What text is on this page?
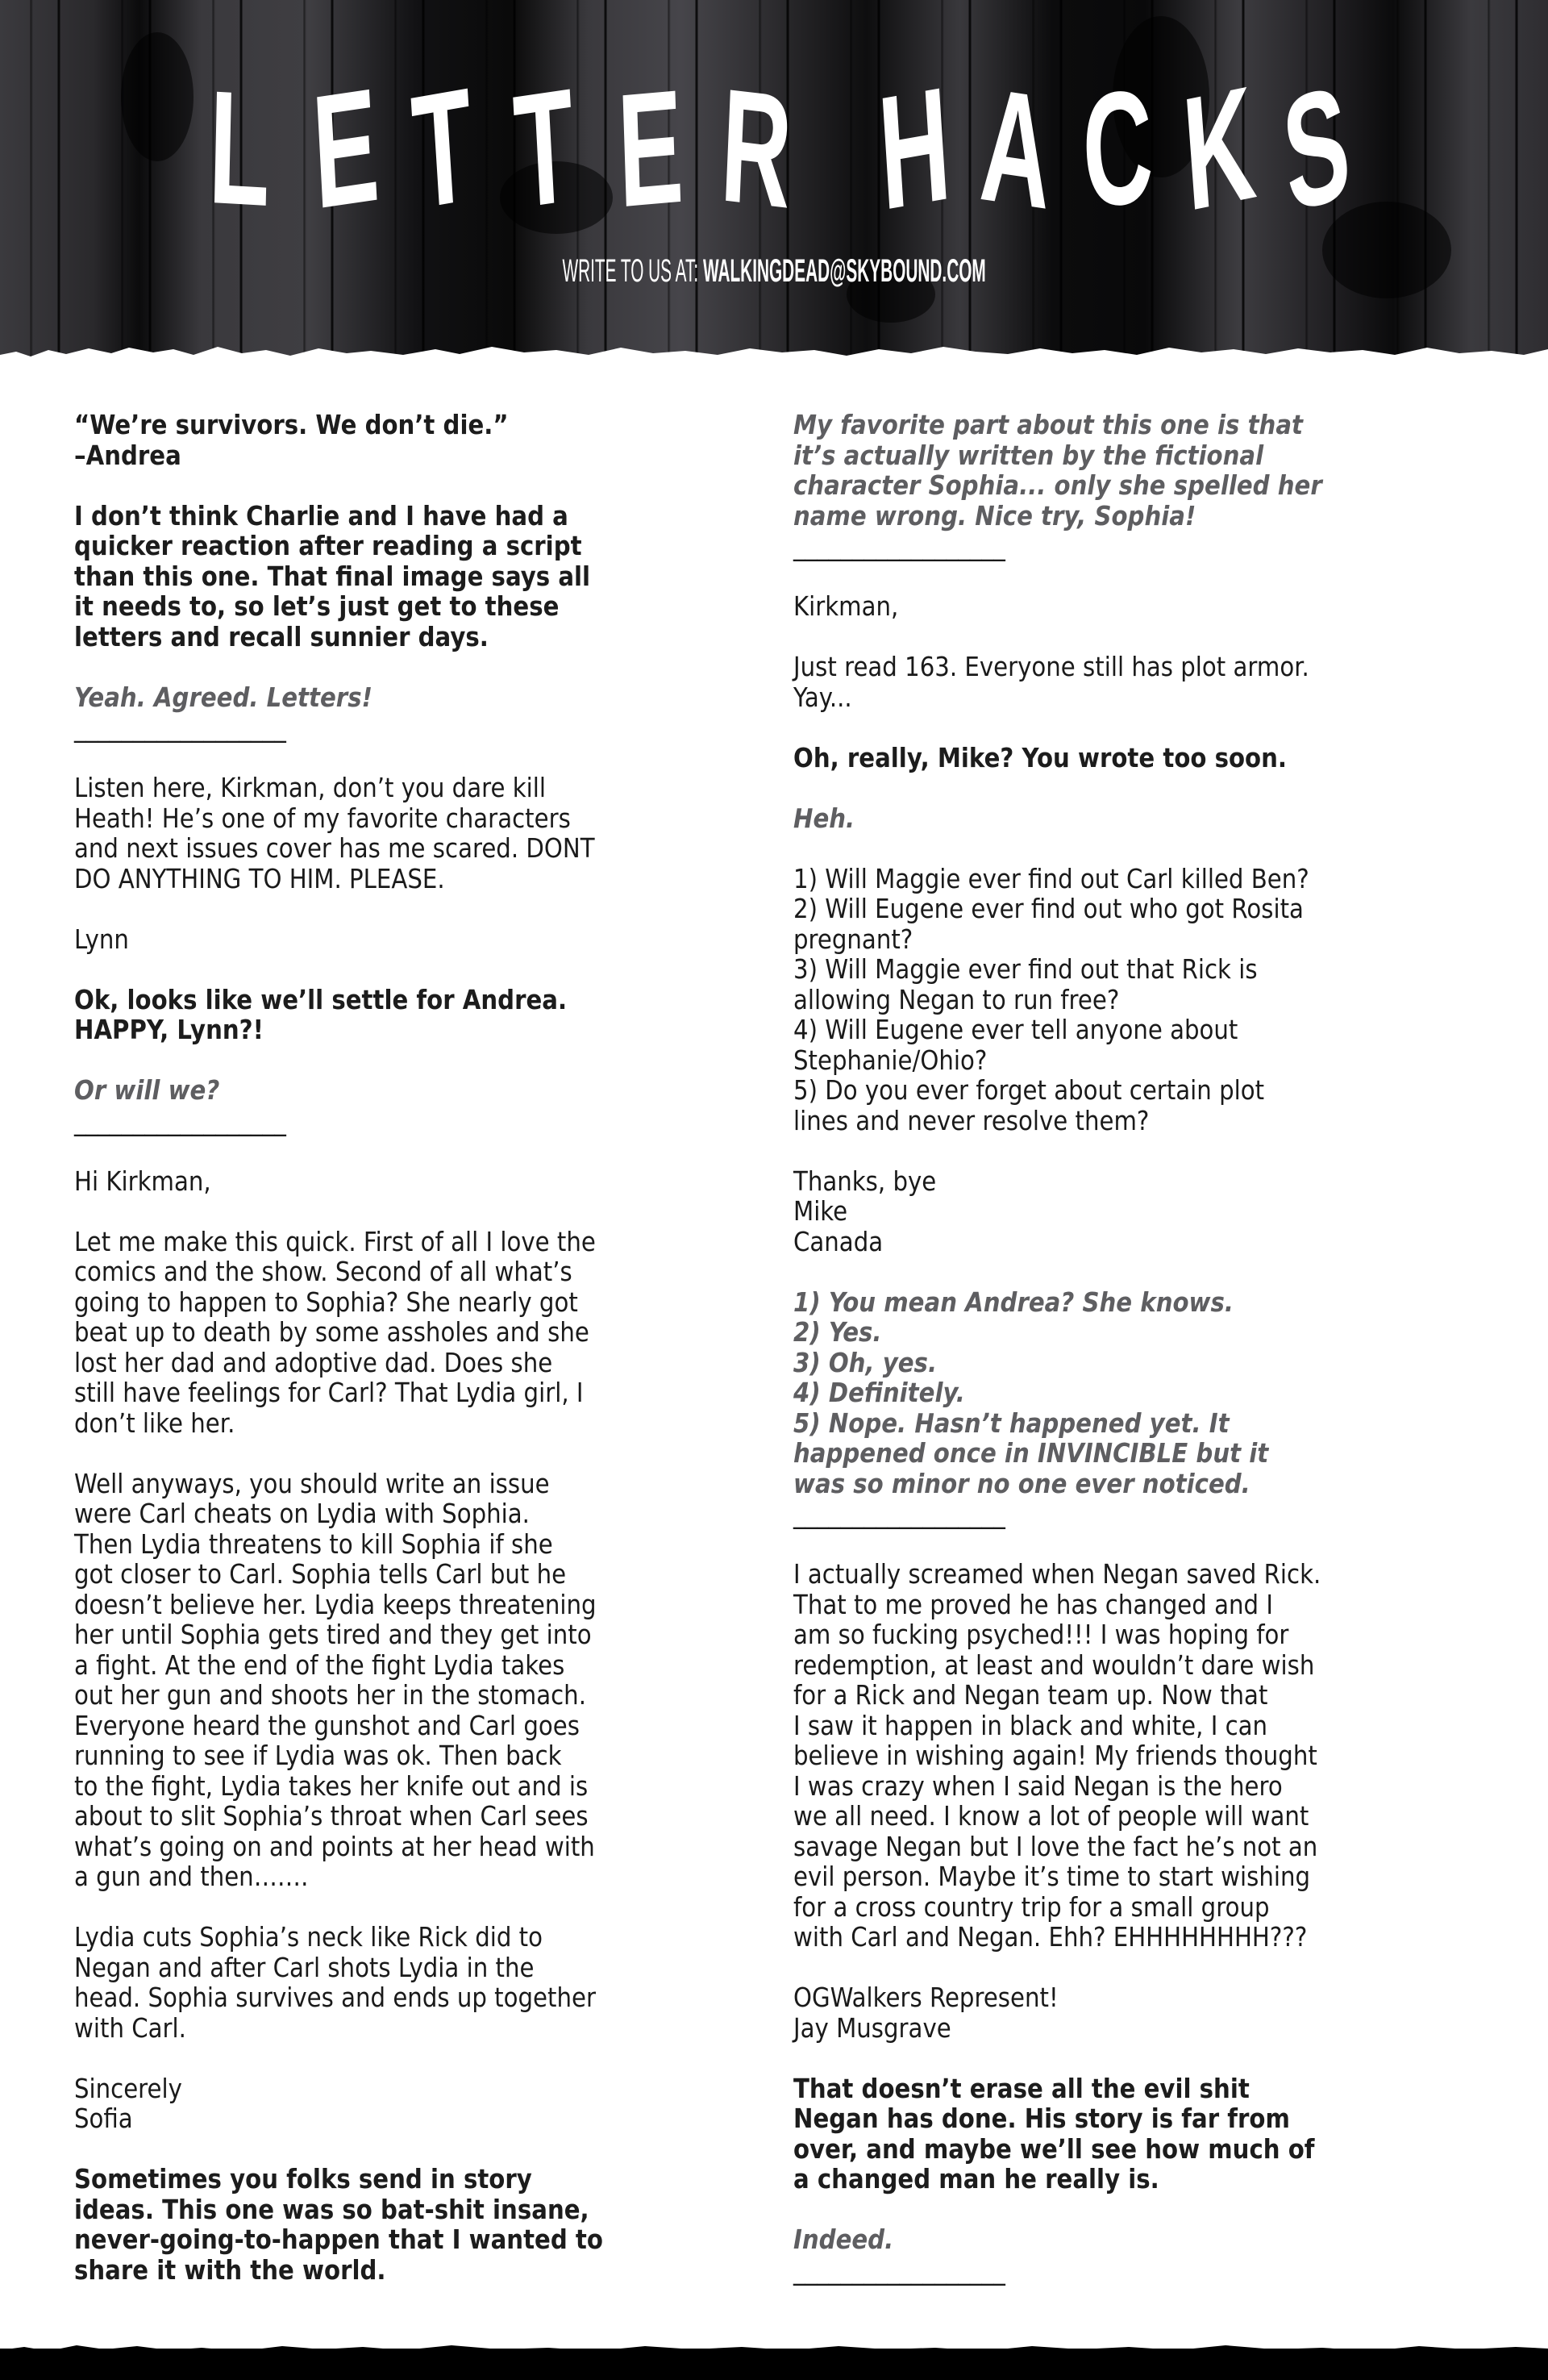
L E T T E R H A C K S
WRITE TO US AT: WALKINGDEAD@SKYBOUND.COM
“We’re survivors. We don’t die.”
–Andrea
I don’t think Charlie and I have had a
quicker reaction after reading a script
than this one. That final image says all
it needs to, so let’s just get to these
letters and recall sunnier days.
Yeah. Agreed. Letters!
__________________
Listen here, Kirkman, don’t you dare kill
Heath! He’s one of my favorite characters
and next issues cover has me scared. DONT
DO ANYTHING TO HIM. PLEASE.
Lynn
Ok, looks like we’ll settle for Andrea.
HAPPY, Lynn?!
Or will we?
__________________
Hi Kirkman,
Let me make this quick. First of all I love the
comics and the show. Second of all what’s
going to happen to Sophia? She nearly got
beat up to death by some assholes and she
lost her dad and adoptive dad. Does she
still have feelings for Carl? That Lydia girl, I
don’t like her.
Well anyways, you should write an issue
were Carl cheats on Lydia with Sophia.
Then Lydia threatens to kill Sophia if she
got closer to Carl. Sophia tells Carl but he
doesn’t believe her. Lydia keeps threatening
her until Sophia gets tired and they get into
a fight. At the end of the fight Lydia takes
out her gun and shoots her in the stomach.
Everyone heard the gunshot and Carl goes
running to see if Lydia was ok. Then back
to the fight, Lydia takes her knife out and is
about to slit Sophia’s throat when Carl sees
what’s going on and points at her head with
a gun and then…….
Lydia cuts Sophia’s neck like Rick did to
Negan and after Carl shots Lydia in the
head. Sophia survives and ends up together
with Carl.
Sincerely
Sofia
Sometimes you folks send in story
ideas. This one was so bat-shit insane,
never-going-to-happen that I wanted to
share it with the world.
My favorite part about this one is that
it’s actually written by the fictional
character Sophia... only she spelled her
name wrong. Nice try, Sophia!
__________________
Kirkman,
Just read 163. Everyone still has plot armor.
Yay...
Oh, really, Mike? You wrote too soon.
Heh.
1) Will Maggie ever find out Carl killed Ben?
2) Will Eugene ever find out who got Rosita
pregnant?
3) Will Maggie ever find out that Rick is
allowing Negan to run free?
4) Will Eugene ever tell anyone about
Stephanie/Ohio?
5) Do you ever forget about certain plot
lines and never resolve them?
Thanks, bye
Mike
Canada
1) You mean Andrea? She knows.
2) Yes.
3) Oh, yes.
4) Definitely.
5) Nope. Hasn’t happened yet. It
happened once in INVINCIBLE but it
was so minor no one ever noticed.
__________________
I actually screamed when Negan saved Rick.
That to me proved he has changed and I
am so fucking psyched!!! I was hoping for
redemption, at least and wouldn’t dare wish
for a Rick and Negan team up. Now that
I saw it happen in black and white, I can
believe in wishing again! My friends thought
I was crazy when I said Negan is the hero
we all need. I know a lot of people will want
savage Negan but I love the fact he’s not an
evil person. Maybe it’s time to start wishing
for a cross country trip for a small group
with Carl and Negan. Ehh? EHHHHHHHH???
OGWalkers Represent!
Jay Musgrave
That doesn’t erase all the evil shit
Negan has done. His story is far from
over, and maybe we’ll see how much of
a changed man he really is.
Indeed.
__________________
